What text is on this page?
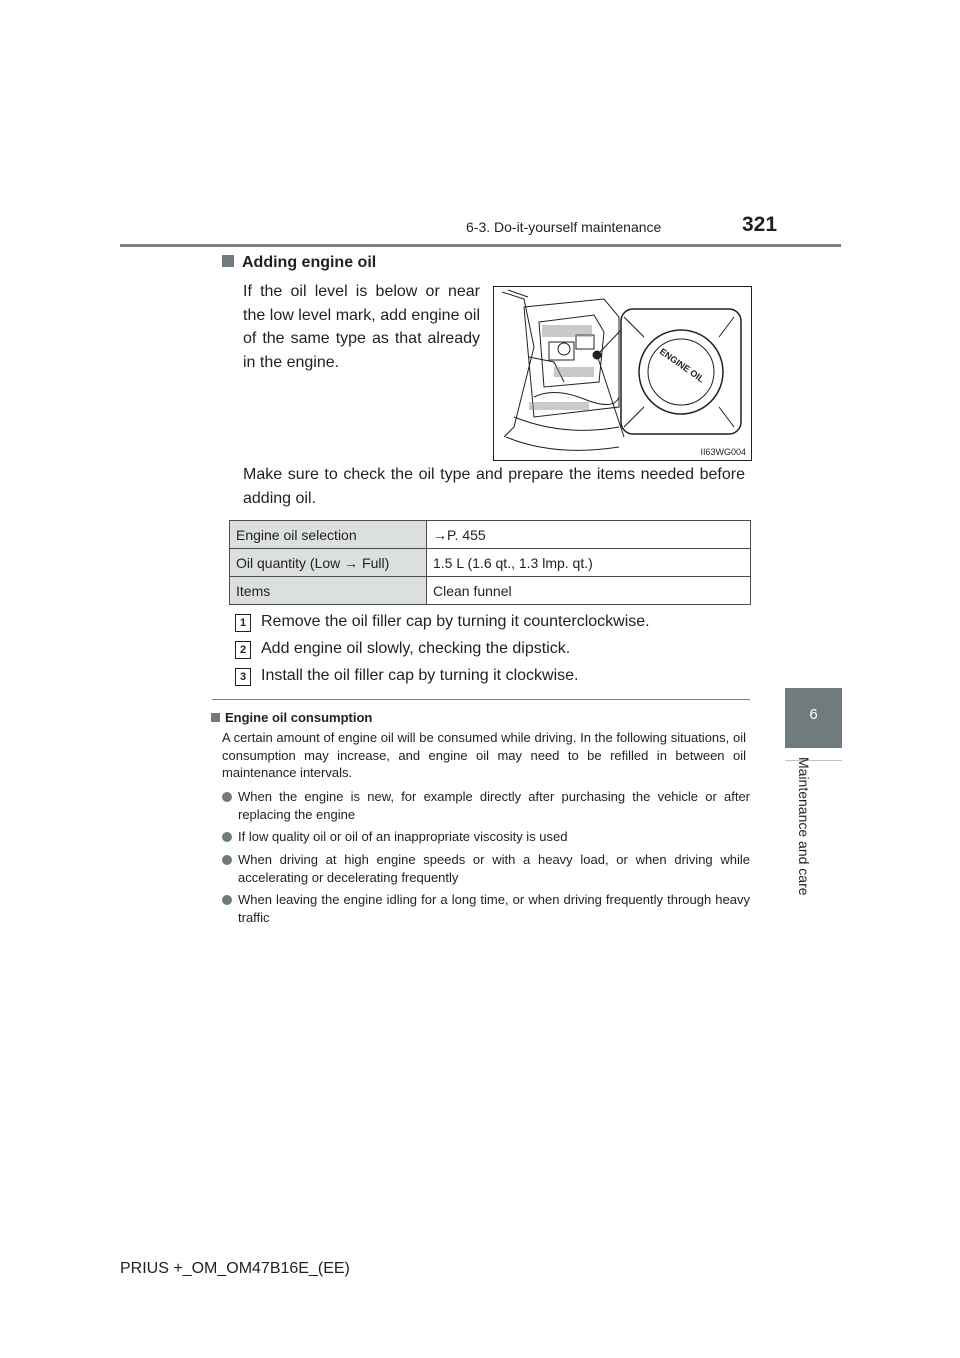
6-3. Do-it-yourself maintenance	321
6
Maintenance and care
Adding engine oil
If the oil level is below or near the low level mark, add engine oil of the same type as that already in the engine.	ENGINE OIL
II63WG004
Make sure to check the oil type and prepare the items needed before adding oil.
Engine oil selection	→P. 455
Oil quantity (Low → Full)	1.5 L (1.6 qt., 1.3 lmp. qt.)
Items	Clean funnel
1 Remove the oil filler cap by turning it counterclockwise.
2 Add engine oil slowly, checking the dipstick.
3 Install the oil filler cap by turning it clockwise.
Engine oil consumption
A certain amount of engine oil will be consumed while driving. In the following situations, oil consumption may increase, and engine oil may need to be refilled in between oil maintenance intervals.
When the engine is new, for example directly after purchasing the vehicle or after replacing the engine
If low quality oil or oil of an inappropriate viscosity is used
When driving at high engine speeds or with a heavy load, or when driving while accelerating or decelerating frequently
When leaving the engine idling for a long time, or when driving frequently through heavy traffic
PRIUS +_OM_OM47B16E_(EE)
